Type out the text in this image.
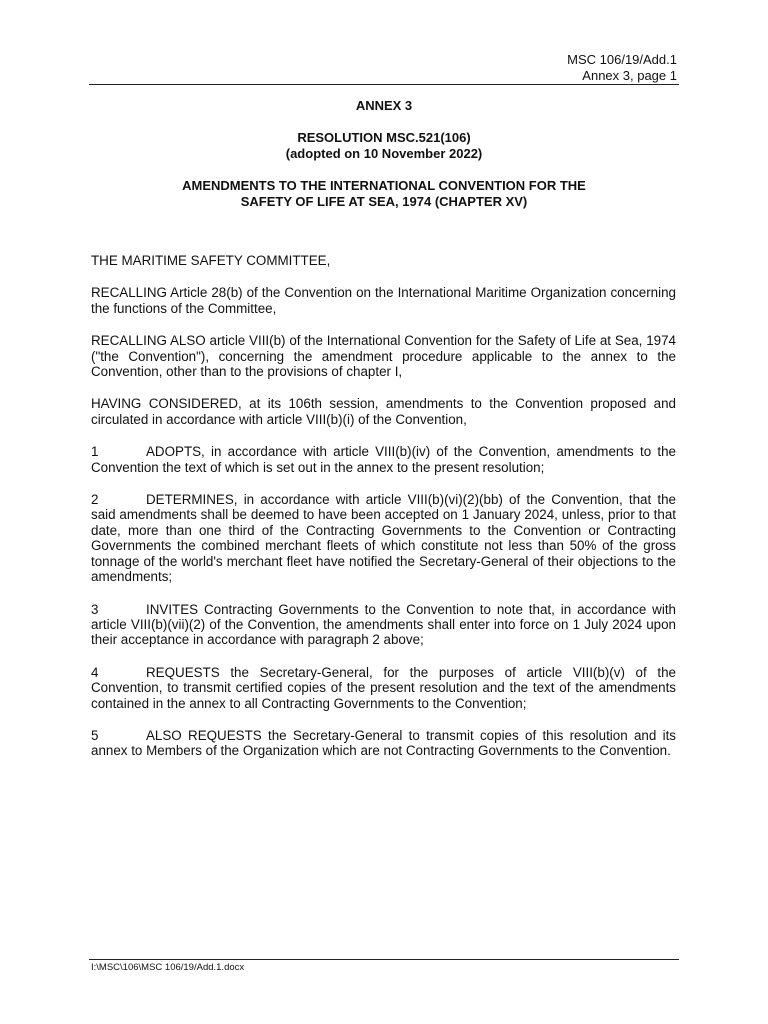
MSC 106/19/Add.1
Annex 3, page 1
ANNEX 3
RESOLUTION MSC.521(106)
(adopted on 10 November 2022)
AMENDMENTS TO THE INTERNATIONAL CONVENTION FOR THE
SAFETY OF LIFE AT SEA, 1974 (CHAPTER XV)

THE MARITIME SAFETY COMMITTEE,

RECALLING Article 28(b) of the Convention on the International Maritime Organization concerning the functions of the Committee,

RECALLING ALSO article VIII(b) of the International Convention for the Safety of Life at Sea, 1974 ("the Convention"), concerning the amendment procedure applicable to the annex to the Convention, other than to the provisions of chapter I,

HAVING CONSIDERED, at its 106th session, amendments to the Convention proposed and circulated in accordance with article VIII(b)(i) of the Convention,

1	ADOPTS, in accordance with article VIII(b)(iv) of the Convention, amendments to the Convention the text of which is set out in the annex to the present resolution;

2	DETERMINES, in accordance with article VIII(b)(vi)(2)(bb) of the Convention, that the said amendments shall be deemed to have been accepted on 1 January 2024, unless, prior to that date, more than one third of the Contracting Governments to the Convention or Contracting Governments the combined merchant fleets of which constitute not less than 50% of the gross tonnage of the world's merchant fleet have notified the Secretary-General of their objections to the amendments;

3	INVITES Contracting Governments to the Convention to note that, in accordance with article VIII(b)(vii)(2) of the Convention, the amendments shall enter into force on 1 July 2024 upon their acceptance in accordance with paragraph 2 above;

4	REQUESTS the Secretary-General, for the purposes of article VIII(b)(v) of the Convention, to transmit certified copies of the present resolution and the text of the amendments contained in the annex to all Contracting Governments to the Convention;

5	ALSO REQUESTS the Secretary-General to transmit copies of this resolution and its annex to Members of the Organization which are not Contracting Governments to the Convention.

I:\MSC\106\MSC 106/19/Add.1.docx
